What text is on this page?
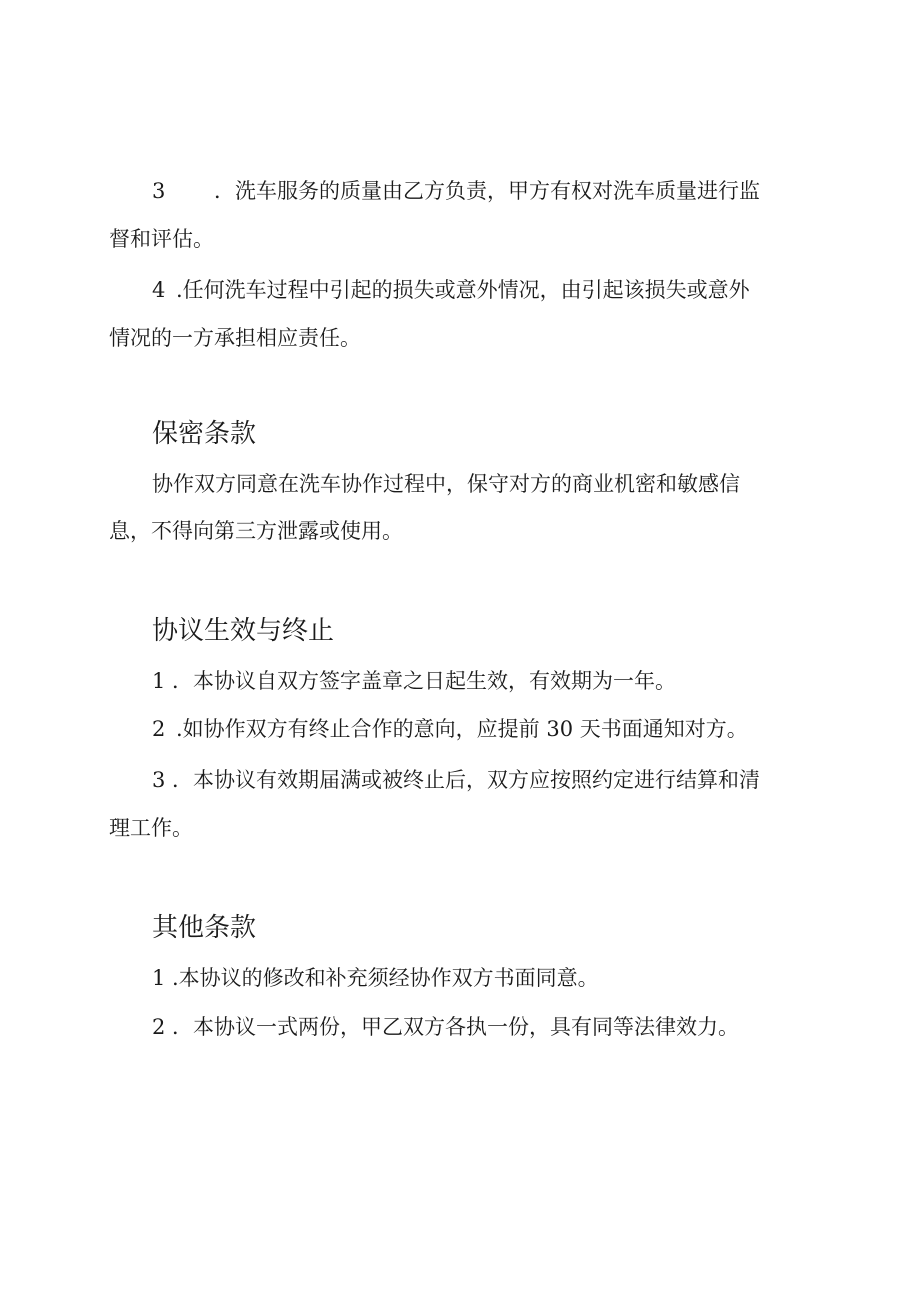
3 ．洗车服务的质量由乙方负责，甲方有权对洗车质量进行监
督和评估。
4 .任何洗车过程中引起的损失或意外情况，由引起该损失或意外
情况的一方承担相应责任。
保密条款
协作双方同意在洗车协作过程中，保守对方的商业机密和敏感信
息，不得向第三方泄露或使用。
协议生效与终止
1 ．本协议自双方签字盖章之日起生效，有效期为一年。
2 .如协作双方有终止合作的意向，应提前 30 天书面通知对方。
3 ．本协议有效期届满或被终止后，双方应按照约定进行结算和清
理工作。
其他条款
1 .本协议的修改和补充须经协作双方书面同意。
2 ．本协议一式两份，甲乙双方各执一份，具有同等法律效力。
